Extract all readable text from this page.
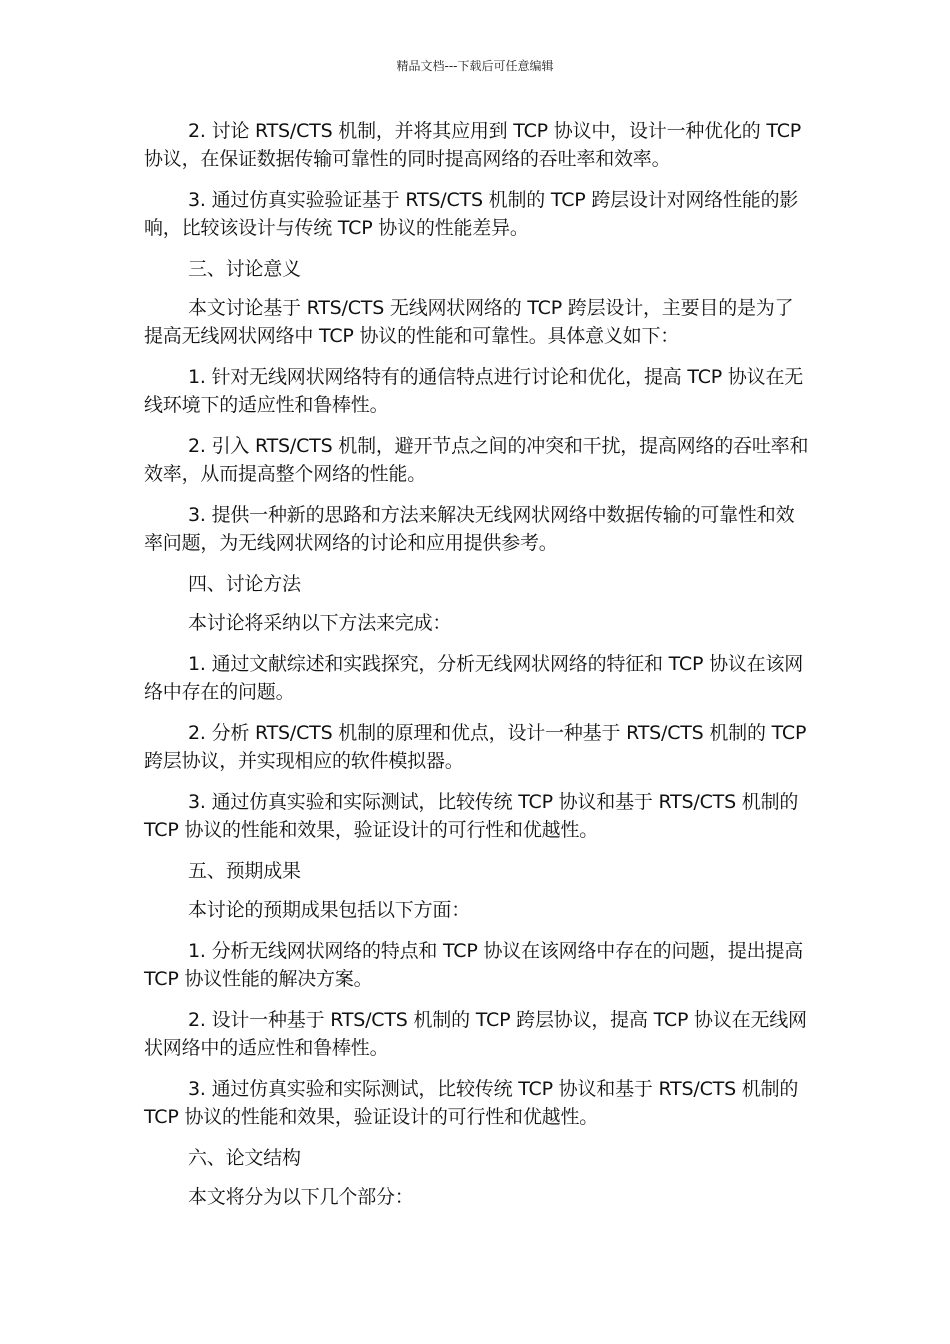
精品文档---下载后可任意编辑

2. 讨论 RTS/CTS 机制，并将其应用到 TCP 协议中，设计一种优化的 TCP 协议，在保证数据传输可靠性的同时提高网络的吞吐率和效率。

3. 通过仿真实验验证基于 RTS/CTS 机制的 TCP 跨层设计对网络性能的影响，比较该设计与传统 TCP 协议的性能差异。

三、讨论意义

本文讨论基于 RTS/CTS 无线网状网络的 TCP 跨层设计，主要目的是为了提高无线网状网络中 TCP 协议的性能和可靠性。具体意义如下：

1. 针对无线网状网络特有的通信特点进行讨论和优化，提高 TCP 协议在无线环境下的适应性和鲁棒性。

2. 引入 RTS/CTS 机制，避开节点之间的冲突和干扰，提高网络的吞吐率和效率，从而提高整个网络的性能。

3. 提供一种新的思路和方法来解决无线网状网络中数据传输的可靠性和效率问题，为无线网状网络的讨论和应用提供参考。

四、讨论方法

本讨论将采纳以下方法来完成：

1. 通过文献综述和实践探究，分析无线网状网络的特征和 TCP 协议在该网络中存在的问题。

2. 分析 RTS/CTS 机制的原理和优点，设计一种基于 RTS/CTS 机制的 TCP 跨层协议，并实现相应的软件模拟器。

3. 通过仿真实验和实际测试，比较传统 TCP 协议和基于 RTS/CTS 机制的 TCP 协议的性能和效果，验证设计的可行性和优越性。

五、预期成果

本讨论的预期成果包括以下方面：

1. 分析无线网状网络的特点和 TCP 协议在该网络中存在的问题，提出提高 TCP 协议性能的解决方案。

2. 设计一种基于 RTS/CTS 机制的 TCP 跨层协议，提高 TCP 协议在无线网状网络中的适应性和鲁棒性。

3. 通过仿真实验和实际测试，比较传统 TCP 协议和基于 RTS/CTS 机制的 TCP 协议的性能和效果，验证设计的可行性和优越性。

六、论文结构

本文将分为以下几个部分：
